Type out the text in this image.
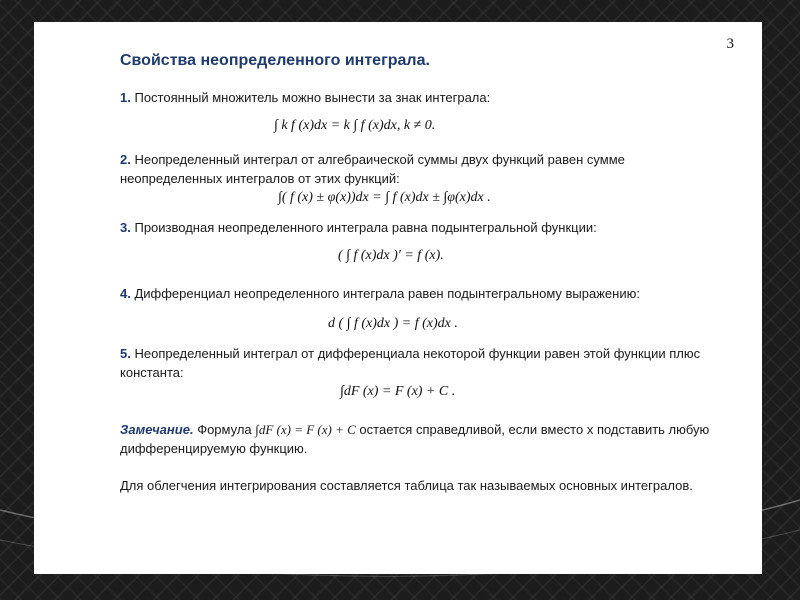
3
Свойства неопределенного интеграла.
1. Постоянный множитель можно вынести за знак интеграла:
∫ k f (x)dx = k ∫ f (x)dx, k ≠ 0.
2. Неопределенный интеграл от алгебраической суммы двух функций равен сумме неопределенных интегралов от этих функций:
∫( f (x) ± φ(x))dx = ∫ f (x)dx ± ∫φ(x)dx .
3. Производная неопределенного интеграла равна подынтегральной функции:
( ∫ f (x)dx )′ = f (x).
4. Дифференциал неопределенного интеграла равен подынтегральному выражению:
d ( ∫ f (x)dx ) = f (x)dx .
5. Неопределенный интеграл от дифференциала некоторой функции равен этой функции плюс константа:
∫dF (x) = F (x) + C .
Замечание. Формула ∫dF (x) = F (x) + C остается справедливой, если вместо x подставить любую дифференцируемую функцию.
Для облегчения интегрирования составляется таблица так называемых основных интегралов.
